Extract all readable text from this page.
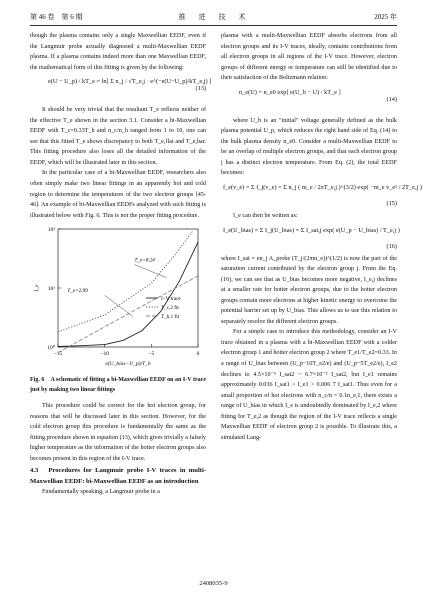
第 46 卷　第 6 期	推　进　技　术	2025 年

though the plasma contains only a single Maxwellian EEDF, even if the Langmuir probe actually diagnosed a multi-Maxwellian EEDF plasma. If a plasma contains indeed more than one Maxwellian EEDF, the mathematical form of this fitting is given by the following:

e(U − U_p) / kT_e = ln[ Σ n_j / √T_e,j · e^(−e(U−U_p)/kT_e,j) ]
(13)

It should be very trivial that the resultant T_e reflects neither of the effective T_e shown in the section 3.1. Consider a bi-Maxwellian EEDF with T_c=0.33T_h and n_c/n_h ranged from 1 to 10, one can see that this fitted T_e shows discrepancy to both T_e,flat and T_e,bar. This fitting procedure also loses all the detailed information of the EEDF, which will be illustrated later in this section.

In the particular case of a bi-Maxwellian EEDF, researchers also often simply make two linear fittings in an apparently hot and cold region to determine the temperatures of the two electron groups [45-46]. An example of bi-Maxwellian EEDFs analyzed with such fitting is illustrated below with Fig. 6. This is not the proper fitting procedure.

−15	−10	−5	0
10⁰
10¹
10²
e(U_bias−U_p)/T_h
I_e
I−V trace
T_c,2 fit
T_h,1 fit
T_e=8.24
T_e=2.99

Fig. 6　A schematic of fitting a bi-Maxwellian EEDF on an I-V trace just by making two linear fittings

This procedure could be correct for the hot electron group, for reasons that will be discussed later in this section. However, for the cold electron group this procedure is fundamentally the same as the fitting procedure shown in equation (13), which gives trivially a falsely higher temperature as the information of the hotter electron groups also becomes present in this region of the I-V trace.

4.3　Procedures for Langmuir probe I-V traces in multi-Maxwellian EEDF: bi-Maxwellian EEDF as an introduction

Fundamentally speaking, a Langmuir probe in a

plasma with a multi-Maxwellian EEDF absorbs electrons from all electron groups and its I-V traces, ideally, contains contributions from all electron groups in all regions of the I-V trace. However, electron groups of different energy or temperature can still be identified due to their satisfaction of the Boltzmann relation:

n_e(U) = n_e0 exp[ e(U_b − U) / kT_e ]
(14)

where U_b is an "initial" voltage generally defined as the bulk plasma potential U_p, which reduces the right hand side of Eq. (14) to the bulk plasma density n_e0. Consider a multi-Maxwellian EEDF to be an overlap of multiple electron groups, and that each electron group j has a distinct electron temperature. From Eq. (2), the total EEDF becomes:

f_e(v_e) = Σ f_j(v_e) = Σ n_j ( m_e / 2πT_e,j )^(3/2) exp( −m_e v_e² / 2T_e,j )
(15)

I_e can then be written as:

I_e(U_bias) = Σ I_j(U_bias) = Σ I_sat,j exp( e(U_p − U_bias) / T_e,j )
(16)

where I_sat = en_j A_probe (T_j/(2πm_e))^(1/2) is now the part of the saturation current contributed by the electron group j. From the Eq. (16), we can see that as U_bias becomes more negative, I_e,j declines at a smaller rate for hotter electron groups, due to the hotter electron groups contain more electrons at higher kinetic energy to overcome the potential barrier set up by U_bias. This allows us to use this relation to separately resolve the different electron groups.

For a simple case to introduce this methodology, consider an I-V trace obtained in a plasma with a bi-Maxwellian EEDF with a colder electron group 1 and hotter electron group 2 where T_e1/T_e2=0.33. In a range of U_bias between (U_p−10T_e2/e) and (U_p−5T_e2/e), I_e2 declines to 4.5×10⁻³ I_sat2 ~ 6.7×10⁻³ I_sat2, but I_e1 remains approximately 0.036 I_sat1 > I_e1 > 0.006 7 I_sat1. Thus even for a small proportion of hot electrons with n_c/n = 0.1n_e,1, there exists a range of U_bias in which I_e is undoubtedly dominated by I_e,2 where fitting for T_e,2 as though the region of the I-V trace reflects a single Maxwellian EEDF of electron group 2 is possible. To illustrate this, a simulated Lang-

2408035-9
